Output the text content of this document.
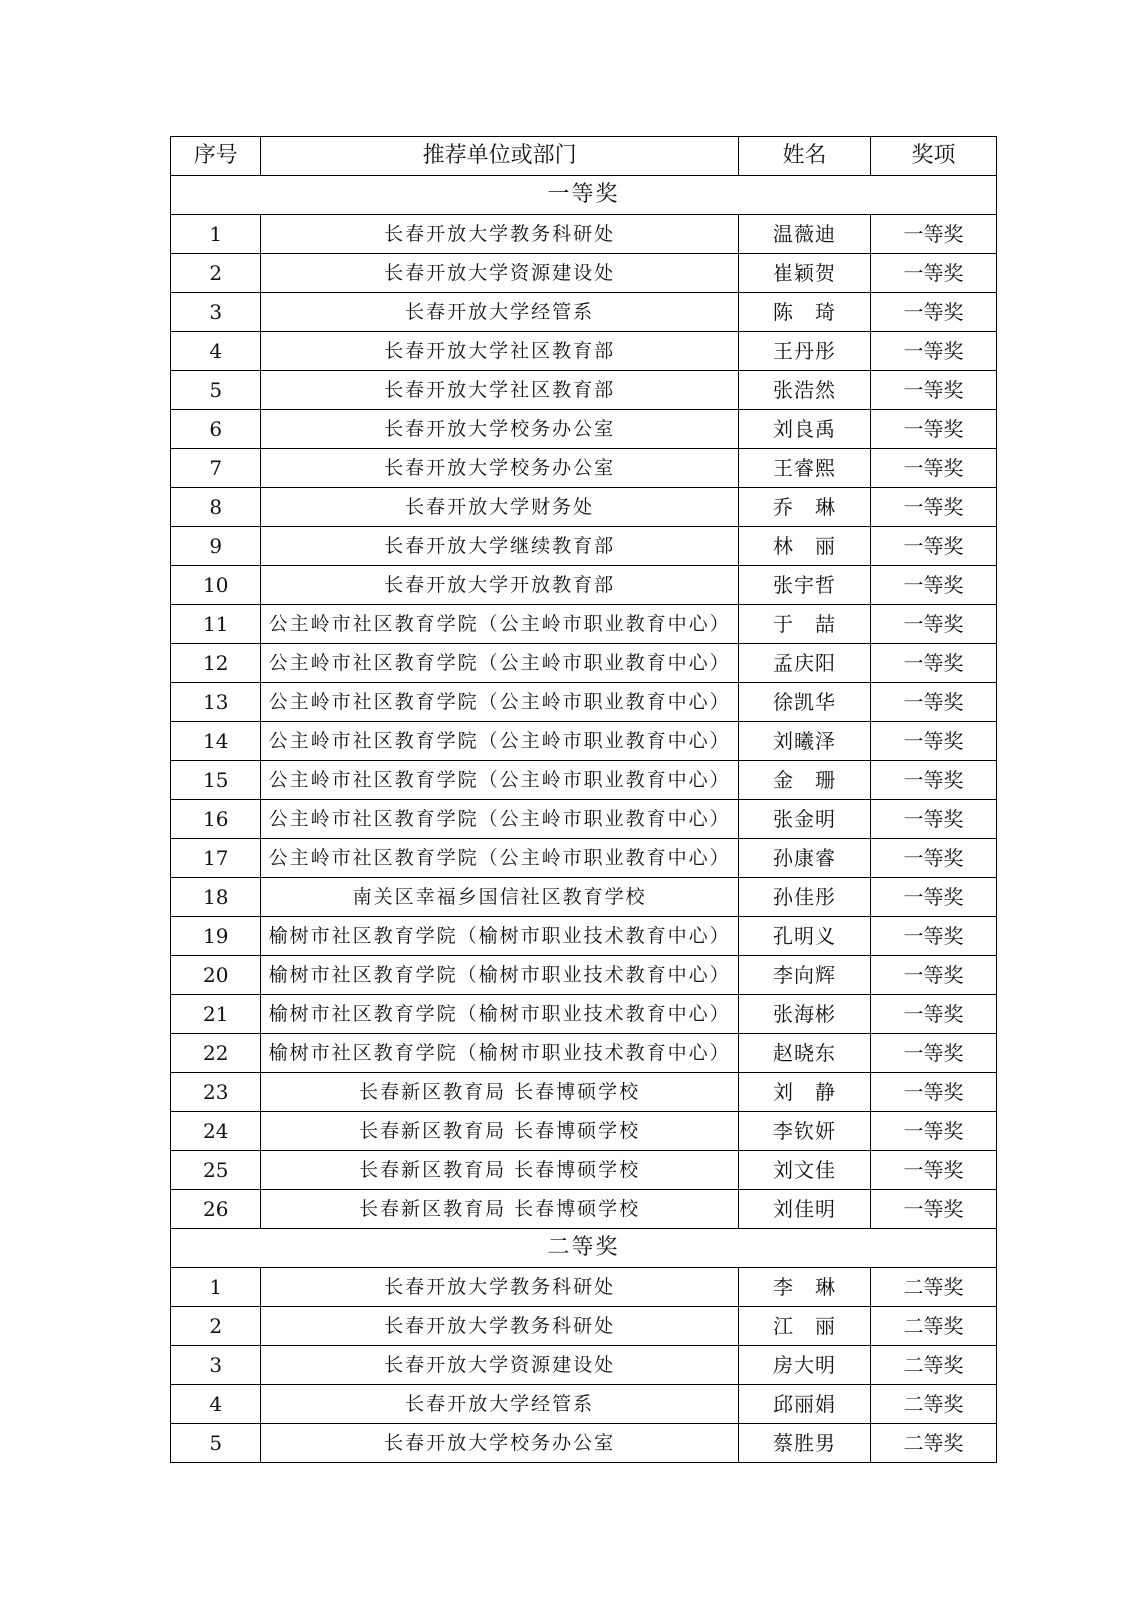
序号	推荐单位或部门	姓名	奖项
一等奖			
1	长春开放大学教务科研处	温薇迪	一等奖
2	长春开放大学资源建设处	崔颖贺	一等奖
3	长春开放大学经管系	陈　琦	一等奖
4	长春开放大学社区教育部	王丹彤	一等奖
5	长春开放大学社区教育部	张浩然	一等奖
6	长春开放大学校务办公室	刘良禹	一等奖
7	长春开放大学校务办公室	王睿熙	一等奖
8	长春开放大学财务处	乔　琳	一等奖
9	长春开放大学继续教育部	林　丽	一等奖
10	长春开放大学开放教育部	张宇哲	一等奖
11	公主岭市社区教育学院（公主岭市职业教育中心）	于　喆	一等奖
12	公主岭市社区教育学院（公主岭市职业教育中心）	孟庆阳	一等奖
13	公主岭市社区教育学院（公主岭市职业教育中心）	徐凯华	一等奖
14	公主岭市社区教育学院（公主岭市职业教育中心）	刘曦泽	一等奖
15	公主岭市社区教育学院（公主岭市职业教育中心）	金　珊	一等奖
16	公主岭市社区教育学院（公主岭市职业教育中心）	张金明	一等奖
17	公主岭市社区教育学院（公主岭市职业教育中心）	孙康睿	一等奖
18	南关区幸福乡国信社区教育学校	孙佳彤	一等奖
19	榆树市社区教育学院（榆树市职业技术教育中心）	孔明义	一等奖
20	榆树市社区教育学院（榆树市职业技术教育中心）	李向辉	一等奖
21	榆树市社区教育学院（榆树市职业技术教育中心）	张海彬	一等奖
22	榆树市社区教育学院（榆树市职业技术教育中心）	赵晓东	一等奖
23	长春新区教育局 长春博硕学校	刘　静	一等奖
24	长春新区教育局 长春博硕学校	李钦妍	一等奖
25	长春新区教育局 长春博硕学校	刘文佳	一等奖
26	长春新区教育局 长春博硕学校	刘佳明	一等奖
二等奖			
1	长春开放大学教务科研处	李　琳	二等奖
2	长春开放大学教务科研处	江　丽	二等奖
3	长春开放大学资源建设处	房大明	二等奖
4	长春开放大学经管系	邱丽娟	二等奖
5	长春开放大学校务办公室	蔡胜男	二等奖
